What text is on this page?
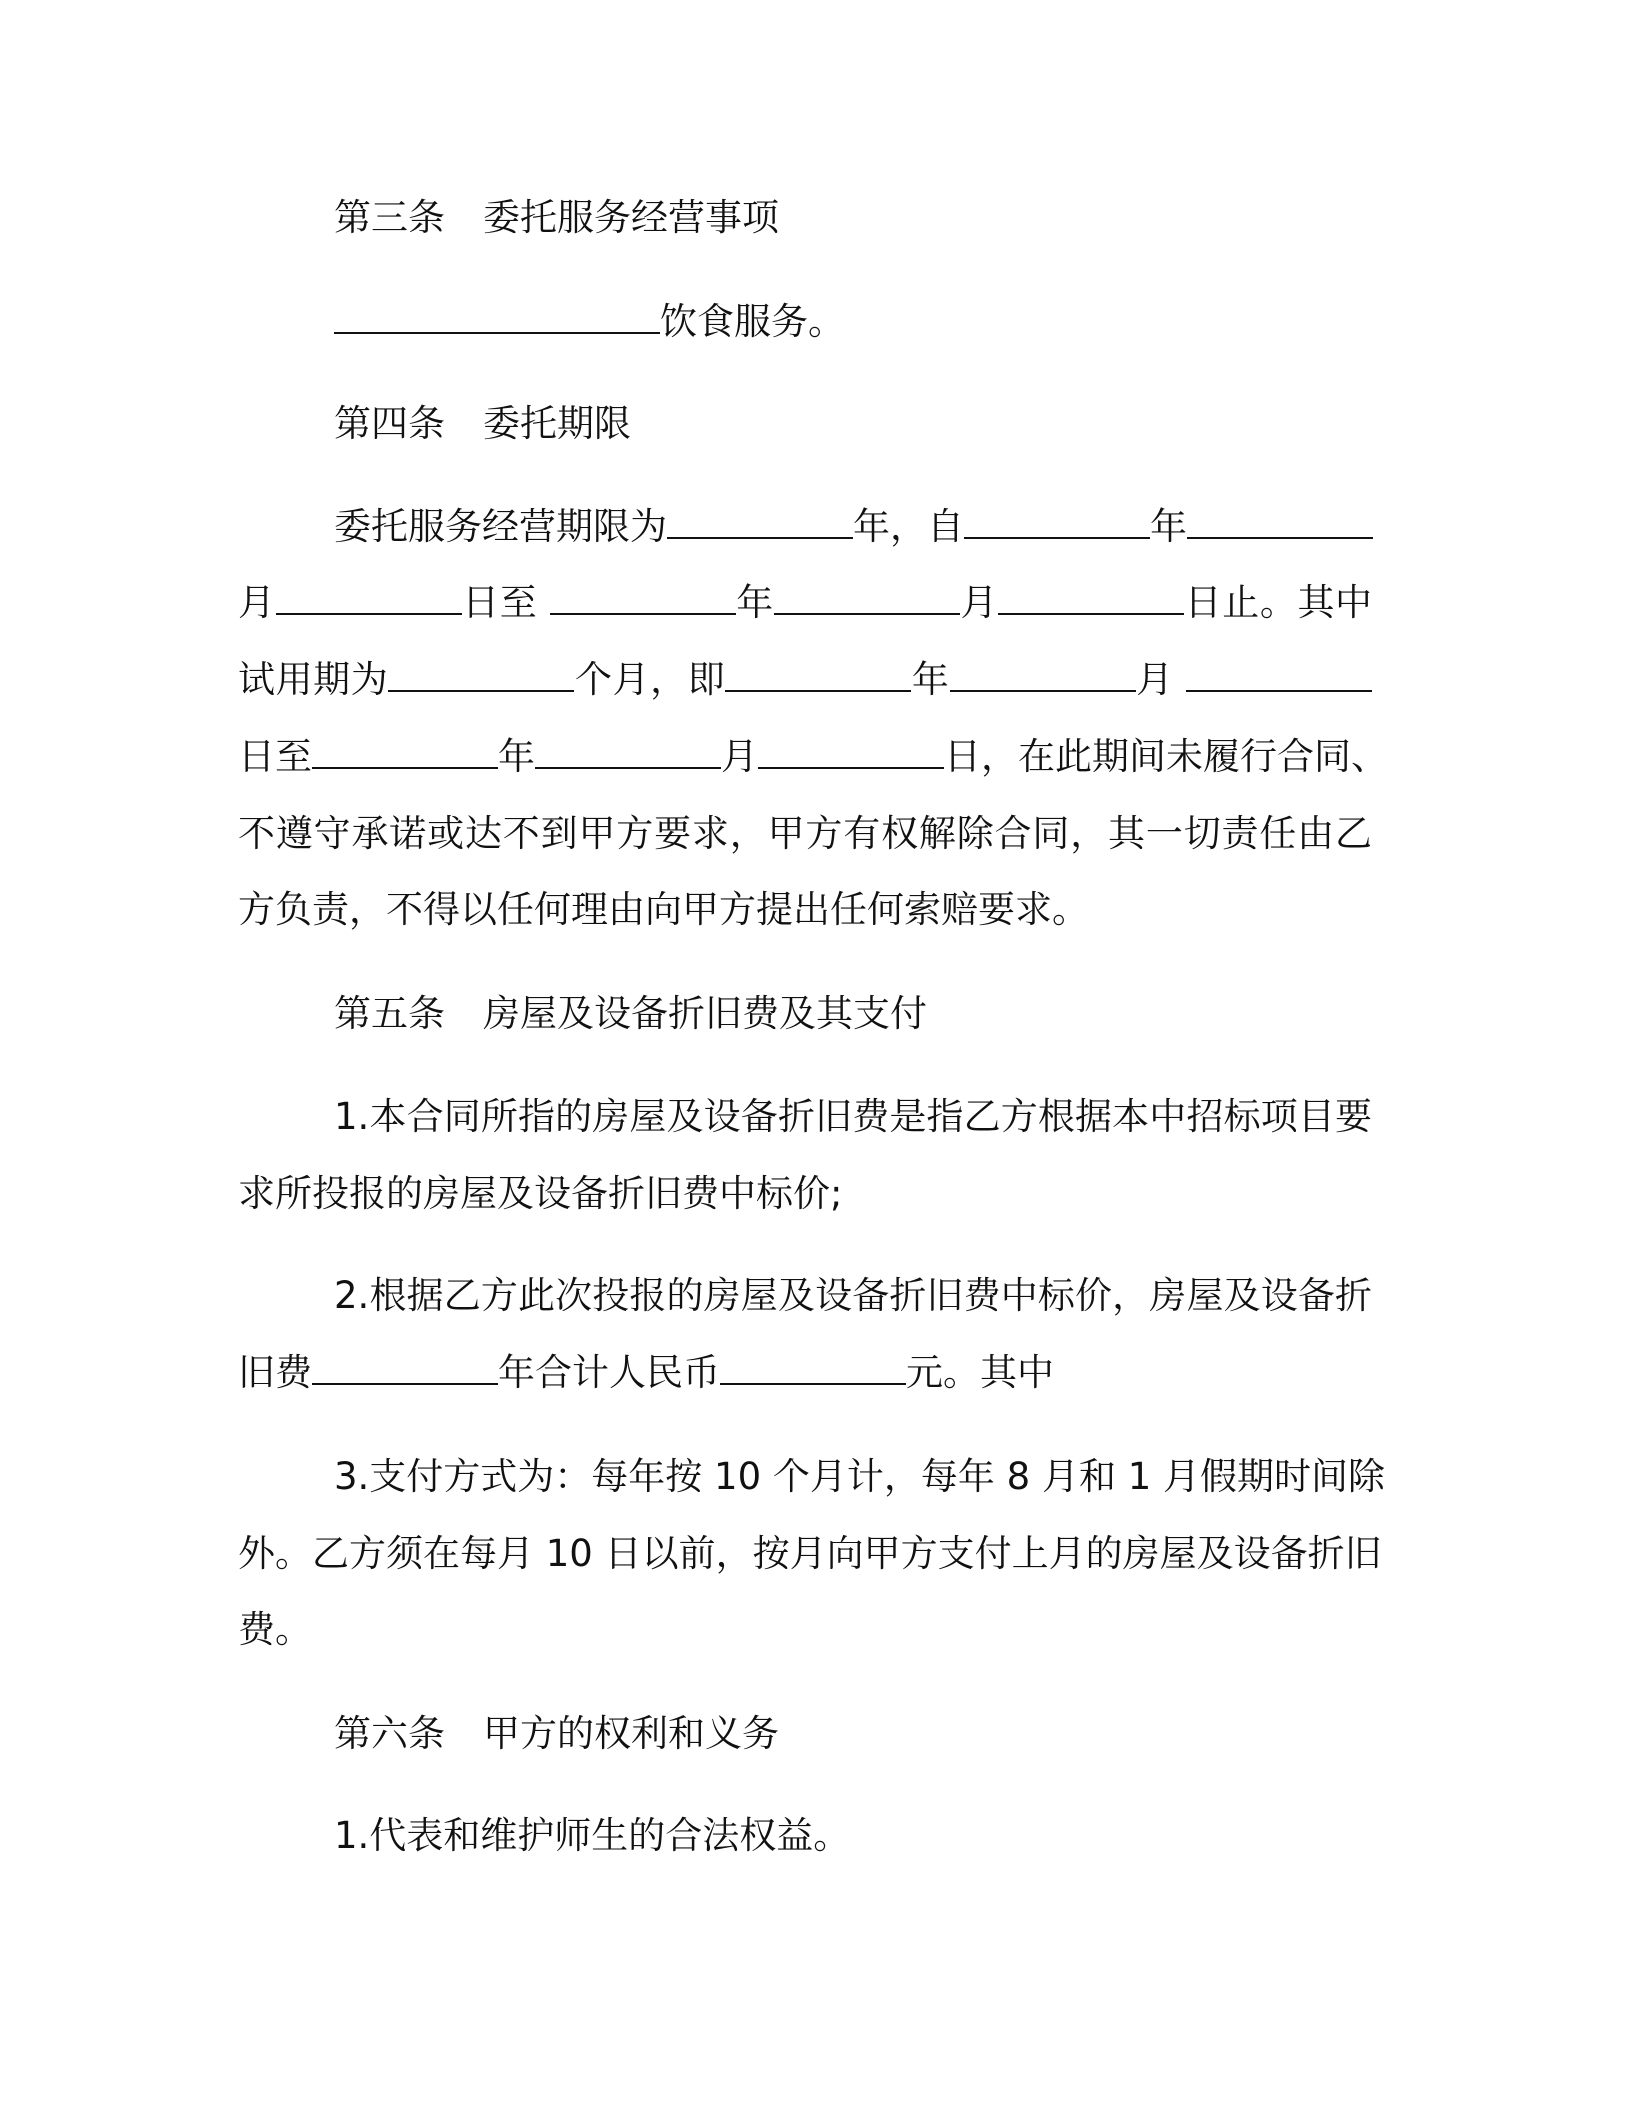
第三条 委托服务经营事项

饮食服务。

第四条 委托期限

委托服务经营期限为	年，自	年

月	日至	年	月	日止。其中

试用期为	个月，即	年	月

日至	年	月	日，在此期间未履行合同、

不遵守承诺或达不到甲方要求，甲方有权解除合同，其一切责任由乙

方负责，不得以任何理由向甲方提出任何索赔要求。

第五条 房屋及设备折旧费及其支付

1.本合同所指的房屋及设备折旧费是指乙方根据本中招标项目要

求所投报的房屋及设备折旧费中标价;

2.根据乙方此次投报的房屋及设备折旧费中标价，房屋及设备折

旧费	年合计人民币	元。其中

3.支付方式为：每年按 10 个月计，每年 8 月和 1 月假期时间除

外。乙方须在每月 10 日以前，按月向甲方支付上月的房屋及设备折旧

费。

第六条 甲方的权利和义务

1.代表和维护师生的合法权益。
